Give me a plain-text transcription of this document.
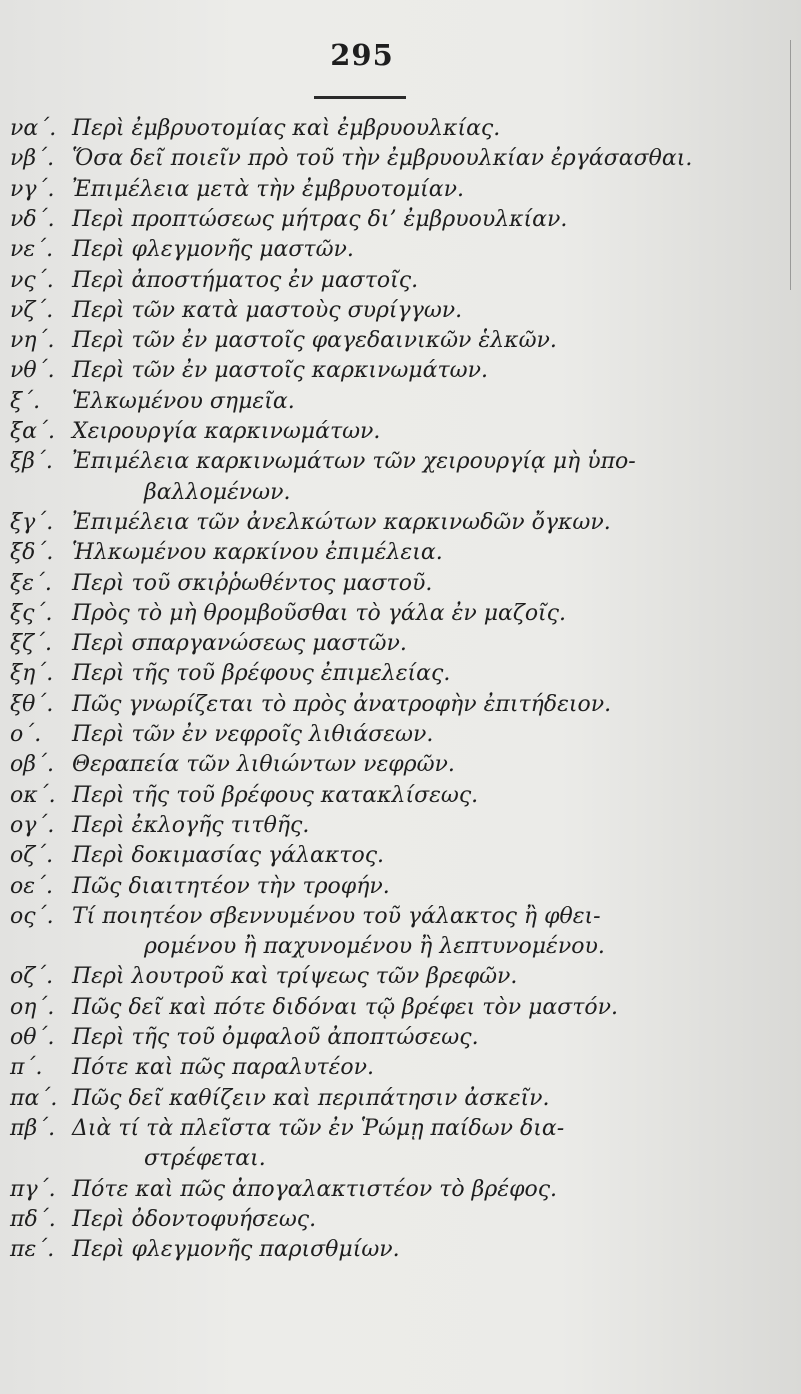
295
να΄. Περὶ ἐμβρυοτομίας καὶ ἐμβρυουλκίας.
νβ΄. Ὅσα δεῖ ποιεῖν πρὸ τοῦ τὴν ἐμβρυουλκίαν ἐργάσασθαι.
νγ΄. Ἐπιμέλεια μετὰ τὴν ἐμβρυοτομίαν.
νδ΄. Περὶ προπτώσεως μήτρας δι’ ἐμβρυουλκίαν.
νε΄. Περὶ φλεγμονῆς μαστῶν.
νς΄. Περὶ ἀποστήματος ἐν μαστοῖς.
νζ΄. Περὶ τῶν κατὰ μαστοὺς συρίγγων.
νη΄. Περὶ τῶν ἐν μαστοῖς φαγεδαινικῶν ἑλκῶν.
νθ΄. Περὶ τῶν ἐν μαστοῖς καρκινωμάτων.
ξ΄. Ἑλκωμένου σημεῖα.
ξα΄. Χειρουργία καρκινωμάτων.
ξβ΄. Ἐπιμέλεια καρκινωμάτων τῶν χειρουργίᾳ μὴ ὑπο-
βαλλομένων.
ξγ΄. Ἐπιμέλεια τῶν ἀνελκώτων καρκινωδῶν ὄγκων.
ξδ΄. Ἡλκωμένου καρκίνου ἐπιμέλεια.
ξε΄. Περὶ τοῦ σκιῤῥωθέντος μαστοῦ.
ξς΄. Πρὸς τὸ μὴ θρομβοῦσθαι τὸ γάλα ἐν μαζοῖς.
ξζ΄. Περὶ σπαργανώσεως μαστῶν.
ξη΄. Περὶ τῆς τοῦ βρέφους ἐπιμελείας.
ξθ΄. Πῶς γνωρίζεται τὸ πρὸς ἀνατροφὴν ἐπιτήδειον.
ο΄. Περὶ τῶν ἐν νεφροῖς λιθιάσεων.
οβ΄. Θεραπεία τῶν λιθιώντων νεφρῶν.
οκ΄. Περὶ τῆς τοῦ βρέφους κατακλίσεως.
ογ΄. Περὶ ἐκλογῆς τιτθῆς.
οζ΄. Περὶ δοκιμασίας γάλακτος.
οε΄. Πῶς διαιτητέον τὴν τροφήν.
ος΄. Τί ποιητέον σβεννυμένου τοῦ γάλακτος ἢ φθει-
ρομένου ἢ παχυνομένου ἢ λεπτυνομένου.
οζ΄. Περὶ λουτροῦ καὶ τρίψεως τῶν βρεφῶν.
οη΄. Πῶς δεῖ καὶ πότε διδόναι τῷ βρέφει τὸν μαστόν.
οθ΄. Περὶ τῆς τοῦ ὀμφαλοῦ ἀποπτώσεως.
π΄. Πότε καὶ πῶς παραλυτέον.
πα΄. Πῶς δεῖ καθίζειν καὶ περιπάτησιν ἀσκεῖν.
πβ΄. Διὰ τί τὰ πλεῖστα τῶν ἐν Ῥώμῃ παίδων δια-
στρέφεται.
πγ΄. Πότε καὶ πῶς ἀπογαλακτιστέον τὸ βρέφος.
πδ΄. Περὶ ὀδοντοφυήσεως.
πε΄. Περὶ φλεγμονῆς παρισθμίων.
